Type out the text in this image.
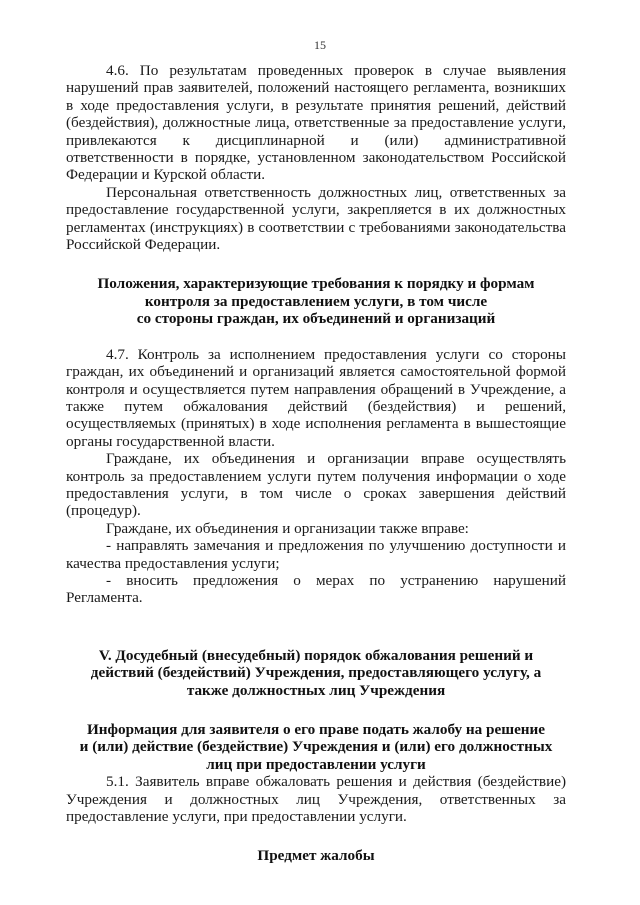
15

4.6. По результатам проведенных проверок в случае выявления нарушений прав заявителей, положений настоящего регламента, возникших в ходе предоставления услуги, в результате принятия решений, действий (бездействия), должностные лица, ответственные за предоставление услуги, привлекаются к дисциплинарной и (или) административной ответственности в порядке, установленном законодательством Российской Федерации и Курской области.

Персональная ответственность должностных лиц, ответственных за предоставление государственной услуги, закрепляется в их должностных регламентах (инструкциях) в соответствии с требованиями законодательства Российской Федерации.

Положения, характеризующие требования к порядку и формам
контроля за предоставлением услуги, в том числе
со стороны граждан, их объединений и организаций

4.7. Контроль за исполнением предоставления услуги со стороны граждан, их объединений и организаций является самостоятельной формой контроля и осуществляется путем направления обращений в Учреждение, а также путем обжалования действий (бездействия) и решений, осуществляемых (принятых) в ходе исполнения регламента в вышестоящие органы государственной власти.

Граждане, их объединения и организации вправе осуществлять контроль за предоставлением услуги путем получения информации о ходе предоставления услуги, в том числе о сроках завершения действий (процедур).

Граждане, их объединения и организации также вправе:

- направлять замечания и предложения по улучшению доступности и качества предоставления услуги;

- вносить предложения о мерах по устранению нарушений Регламента.

V. Досудебный (внесудебный) порядок обжалования решений и
действий (бездействий) Учреждения, предоставляющего услугу, а
также должностных лиц Учреждения
Информация для заявителя о его праве подать жалобу на решение
и (или) действие (бездействие) Учреждения и (или) его должностных
лиц при предоставлении услуги

5.1. Заявитель вправе обжаловать решения и действия (бездействие) Учреждения и должностных лиц Учреждения, ответственных за предоставление услуги, при предоставлении услуги.

Предмет жалобы
